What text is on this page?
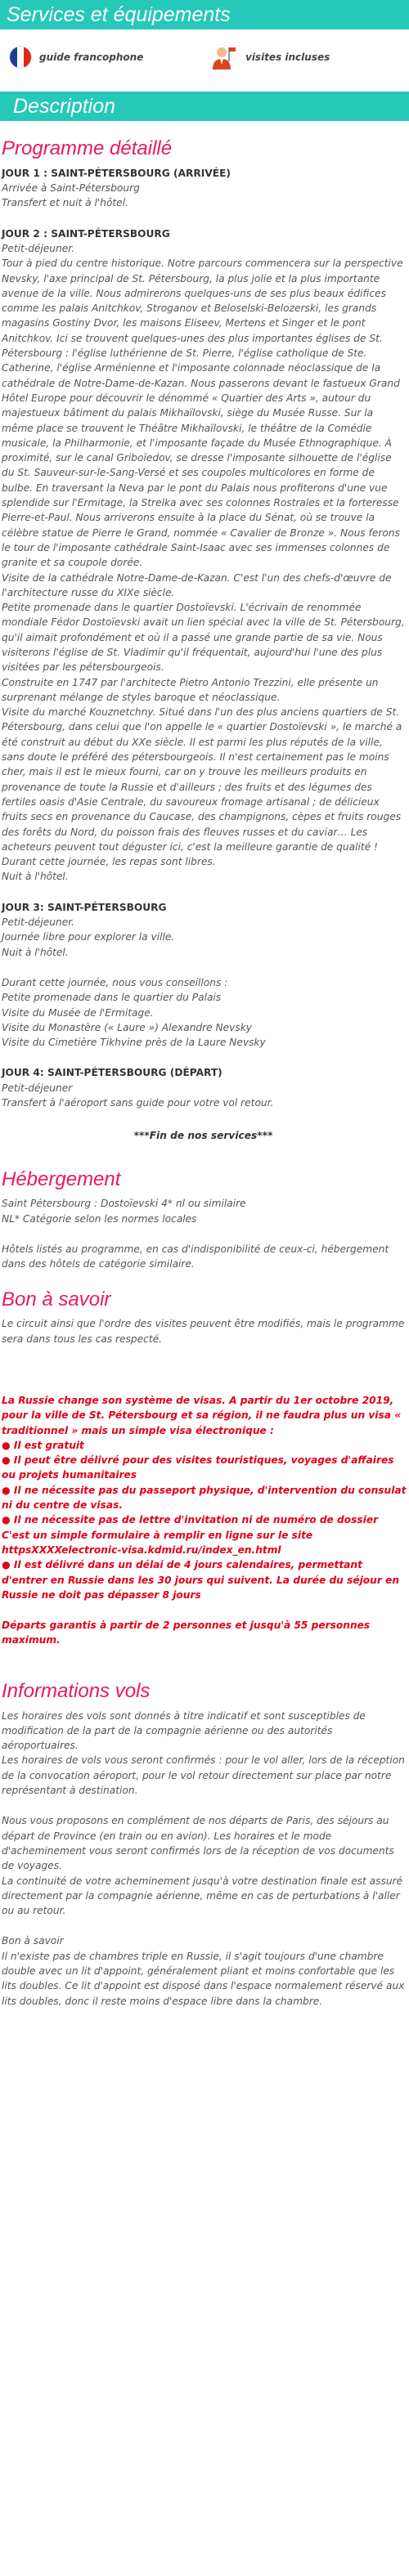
Services et équipements
guide francophone	visites incluses
Description
Programme détaillé

JOUR 1 : SAINT-PÉTERSBOURG (ARRIVÉE)

Arrivée à Saint-Pétersbourg

Transfert et nuit à l'hôtel.

JOUR 2 : SAINT-PÉTERSBOURG

Petit-déjeuner.

Tour à pied du centre historique. Notre parcours commencera sur la perspective Nevsky, l'axe principal de St. Pétersbourg, la plus jolie et la plus importante avenue de la ville. Nous admirerons quelques-uns de ses plus beaux édifices comme les palais Anitchkov, Stroganov et Beloselski-Belozerski, les grands magasins Gostiny Dvor, les maisons Eliseev, Mertens et Singer et le pont Anitchkov. Ici se trouvent quelques-unes des plus importantes églises de St. Pétersbourg : l'église luthérienne de St. Pierre, l'église catholique de Ste. Catherine, l'église Arménienne et l'imposante colonnade néoclassique de la cathédrale de Notre-Dame-de-Kazan. Nous passerons devant le fastueux Grand Hôtel Europe pour découvrir le dénommé « Quartier des Arts », autour du majestueux bâtiment du palais Mikhaïlovski, siège du Musée Russe. Sur la même place se trouvent le Théâtre Mikhaïlovski, le théâtre de la Comédie musicale, la Philharmonie, et l'imposante façade du Musée Ethnographique. À proximité, sur le canal Griboïedov, se dresse l'imposante silhouette de l'église du St. Sauveur-sur-le-Sang-Versé et ses coupoles multicolores en forme de bulbe. En traversant la Neva par le pont du Palais nous profiterons d'une vue splendide sur l'Ermitage, la Strelka avec ses colonnes Rostrales et la forteresse Pierre-et-Paul. Nous arriverons ensuite à la place du Sénat, où se trouve la célèbre statue de Pierre le Grand, nommée « Cavalier de Bronze ». Nous ferons le tour de l'imposante cathédrale Saint-Isaac avec ses immenses colonnes de granite et sa coupole dorée.

Visite de la cathédrale Notre-Dame-de-Kazan. C'est l'un des chefs-d'œuvre de l'architecture russe du XIXe siècle.

Petite promenade dans le quartier Dostoïevski. L'écrivain de renommée mondiale Fédor Dostoïevski avait un lien spécial avec la ville de St. Pétersbourg, qu'il aimait profondément et où il a passé une grande partie de sa vie. Nous visiterons l'église de St. Vladimir qu'il fréquentait, aujourd'hui l'une des plus visitées par les pétersbourgeois.

Construite en 1747 par l'architecte Pietro Antonio Trezzini, elle présente un surprenant mélange de styles baroque et néoclassique.

Visite du marché Kouznetchny. Situé dans l'un des plus anciens quartiers de St. Pétersbourg, dans celui que l'on appelle le « quartier Dostoïevski », le marché a été construit au début du XXe siècle. Il est parmi les plus réputés de la ville, sans doute le préféré des pétersbourgeois. Il n'est certainement pas le moins cher, mais il est le mieux fourni, car on y trouve les meilleurs produits en provenance de toute la Russie et d'ailleurs ; des fruits et des légumes des fertiles oasis d'Asie Centrale, du savoureux fromage artisanal ; de délicieux fruits secs en provenance du Caucase, des champignons, cèpes et fruits rouges des forêts du Nord, du poisson frais des fleuves russes et du caviar… Les acheteurs peuvent tout déguster ici, c'est la meilleure garantie de qualité !

Durant cette journée, les repas sont libres.

Nuit à l'hôtel.

JOUR 3: SAINT-PÉTERSBOURG

Petit-déjeuner.

Journée libre pour explorer la ville.

Nuit à l'hôtel.

Durant cette journée, nous vous conseillons :

Petite promenade dans le quartier du Palais

Visite du Musée de l'Ermitage.

Visite du Monastère (« Laure ») Alexandre Nevsky

Visite du Cimetière Tikhvine près de la Laure Nevsky

JOUR 4: SAINT-PÉTERSBOURG (DÉPART)

Petit-déjeuner

Transfert à l'aéroport sans guide pour votre vol retour.

***Fin de nos services***

Hébergement

Saint Pétersbourg : Dostoïevski 4* nl ou similaire

NL* Catégorie selon les normes locales

Hôtels listés au programme, en cas d'indisponibilité de ceux-ci, hébergement dans des hôtels de catégorie similaire.

Bon à savoir

Le circuit ainsi que l'ordre des visites peuvent être modifiés, mais le programme sera dans tous les cas respecté.

La Russie change son système de visas. A partir du 1er octobre 2019, pour la ville de St. Pétersbourg et sa région, il ne faudra plus un visa « traditionnel » mais un simple visa électronique :

● Il est gratuit

● Il peut être délivré pour des visites touristiques, voyages d'affaires ou projets humanitaires

● Il ne nécessite pas du passeport physique, d'intervention du consulat ni du centre de visas.

● Il ne nécessite pas de lettre d'invitation ni de numéro de dossier

C'est un simple formulaire à remplir en ligne sur le site httpsXXXXelectronic-visa.kdmid.ru/index_en.html

● Il est délivré dans un délai de 4 jours calendaires, permettant d'entrer en Russie dans les 30 jours qui suivent. La durée du séjour en Russie ne doit pas dépasser 8 jours

Départs garantis à partir de 2 personnes et jusqu'à 55 personnes maximum.

Informations vols

Les horaires des vols sont donnés à titre indicatif et sont susceptibles de modification de la part de la compagnie aérienne ou des autorités aéroportuaires.

Les horaires de vols vous seront confirmés : pour le vol aller, lors de la réception de la convocation aéroport, pour le vol retour directement sur place par notre représentant à destination.

Nous vous proposons en complément de nos départs de Paris, des séjours au départ de Province (en train ou en avion). Les horaires et le mode d'acheminement vous seront confirmés lors de la réception de vos documents de voyages.

La continuité de votre acheminement jusqu'à votre destination finale est assuré directement par la compagnie aérienne, même en cas de perturbations à l'aller ou au retour.

Bon à savoir

Il n'existe pas de chambres triple en Russie, il s'agit toujours d'une chambre double avec un lit d'appoint, généralement pliant et moins confortable que les lits doubles. Ce lit d'appoint est disposé dans l'espace normalement réservé aux lits doubles, donc il reste moins d'espace libre dans la chambre.
